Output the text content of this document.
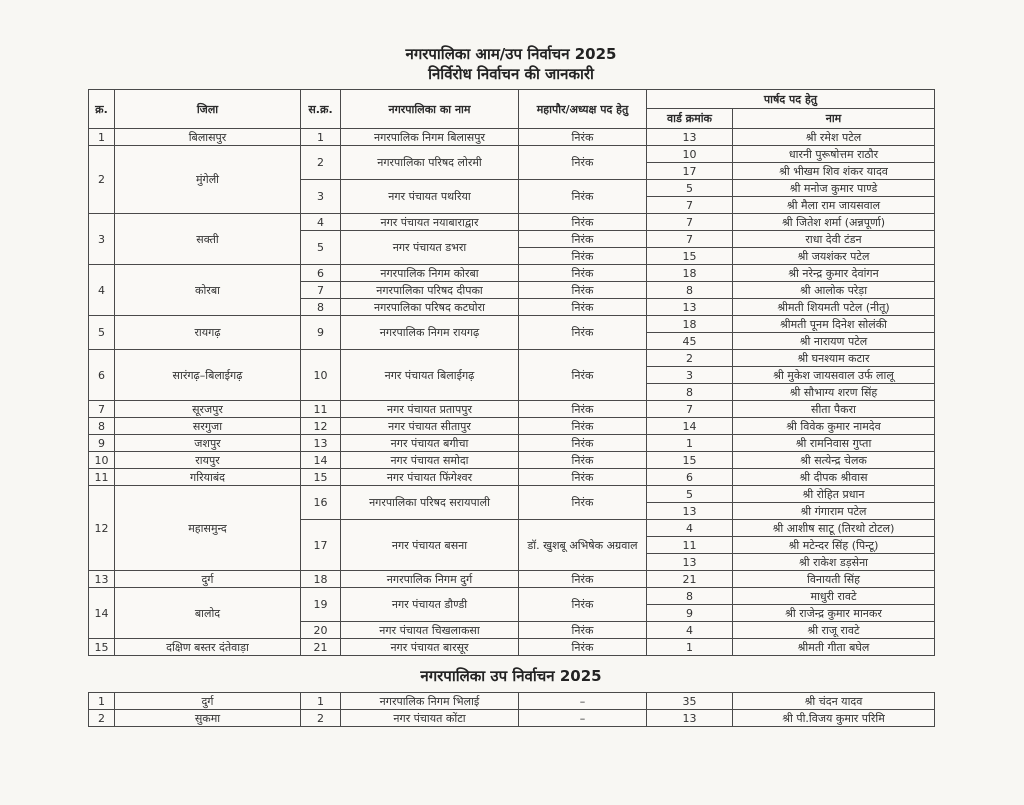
नगरपालिका आम/उप निर्वाचन 2025
निर्विरोध निर्वाचन की जानकारी
क्र.	जिला	स.क्र.	नगरपालिका का नाम	महापौर/अध्यक्ष पद हेतु	पार्षद पद हेतु	
					वार्ड क्रमांक	नाम
1	बिलासपुर	1	नगरपालिक निगम बिलासपुर	निरंक	13	श्री रमेश पटेल
2	मुंगेली	2	नगरपालिका परिषद लोरमी	निरंक	10	धारनी पुरूषोत्तम राठौर
					17	श्री भीखम शिव शंकर यादव
		3	नगर पंचायत पथरिया	निरंक	5	श्री मनोज कुमार पाण्डे
					7	श्री मैला राम जायसवाल
3	सक्ती	4	नगर पंचायत नयाबाराद्वार	निरंक	7	श्री जितेश शर्मा (अन्नपूर्णा)
		5	नगर पंचायत डभरा	निरंक	7	राधा देवी टंडन
				निरंक	15	श्री जयशंकर पटेल
4	कोरबा	6	नगरपालिक निगम कोरबा	निरंक	18	श्री नरेन्द्र कुमार देवांगन
		7	नगरपालिका परिषद दीपका	निरंक	8	श्री आलोक परेड़ा
		8	नगरपालिका परिषद कटघोरा	निरंक	13	श्रीमती शियमती पटेल (नीतू)
5	रायगढ़	9	नगरपालिक निगम रायगढ़	निरंक	18	श्रीमती पूनम दिनेश सोलंकी
					45	श्री नारायण पटेल
6	सारंगढ़–बिलाईगढ़	10	नगर पंचायत बिलाईगढ़	निरंक	2	श्री घनश्याम कटार
					3	श्री मुकेश जायसवाल उर्फ लालू
					8	श्री सौभाग्य शरण सिंह
7	सूरजपुर	11	नगर पंचायत प्रतापपुर	निरंक	7	सीता पैकरा
8	सरगुजा	12	नगर पंचायत सीतापुर	निरंक	14	श्री विवेक कुमार नामदेव
9	जशपुर	13	नगर पंचायत बगीचा	निरंक	1	श्री रामनिवास गुप्ता
10	रायपुर	14	नगर पंचायत समोदा	निरंक	15	श्री सत्येन्द्र चेलक
11	गरियाबंद	15	नगर पंचायत फिंगेश्वर	निरंक	6	श्री दीपक श्रीवास
12	महासमुन्द	16	नगरपालिका परिषद सरायपाली	निरंक	5	श्री रोहित प्रधान
					13	श्री गंगाराम पटेल
		17	नगर पंचायत बसना	डॉ. खुशबू अभिषेक अग्रवाल	4	श्री आशीष साटू (तिरथो टोटल)
					11	श्री मटेन्दर सिंह (पिन्टू)
					13	श्री राकेश डड़सेना
13	दुर्ग	18	नगरपालिक निगम दुर्ग	निरंक	21	विनायती सिंह
14	बालोद	19	नगर पंचायत डौण्डी	निरंक	8	माधुरी रावटे
					9	श्री राजेन्द्र कुमार मानकर
		20	नगर पंचायत चिखलाकसा	निरंक	4	श्री राजू रावटे
15	दक्षिण बस्तर दंतेवाड़ा	21	नगर पंचायत बारसूर	निरंक	1	श्रीमती गीता बघेल
नगरपालिका उप निर्वाचन 2025
1	दुर्ग	1	नगरपालिक निगम भिलाई	–	35	श्री चंदन यादव
2	सुकमा	2	नगर पंचायत कोंटा	–	13	श्री पी.विजय कुमार परिमि
